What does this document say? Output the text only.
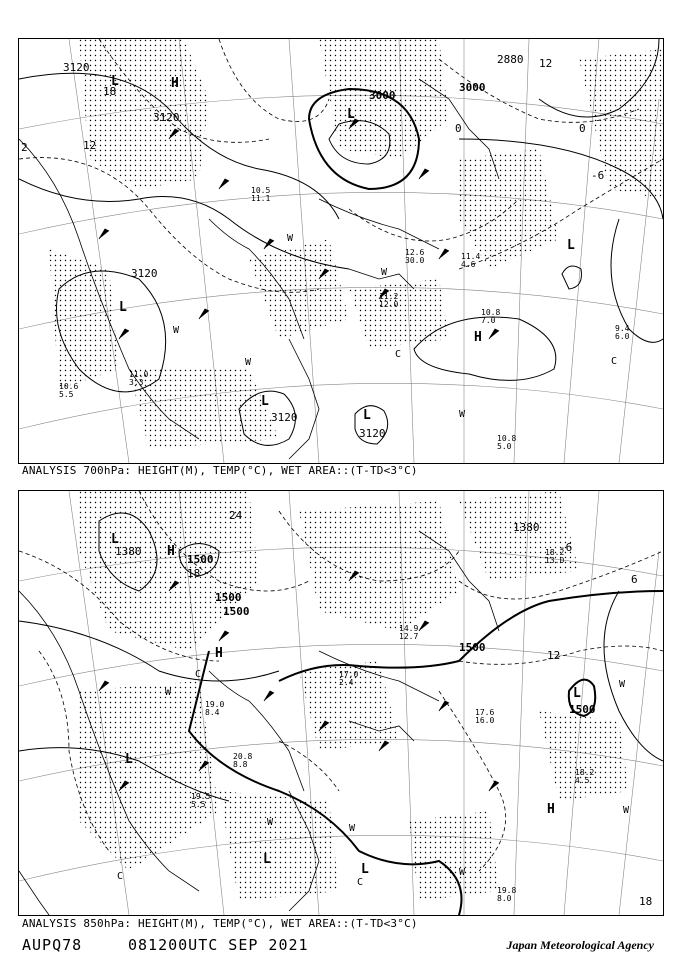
3120
3120
3120
3120
3120
3000
3000
2880
0	0
-6
12
12
18
2
L
L
L
L
L
L
H
H
W
W
W
W
W
C
C
10.5
11.1
11.2
12.0
10.8
7.0
9.4
6.0
10.8
5.0
11.0
3.3
10.6
5.5
12.6
30.0	11.4
4.6
ANALYSIS 700hPa: HEIGHT(M), TEMP(°C), WET AREA::(T-TD<3°C)
1380
1380
1500
1500
1500
1500
1500
24
12
6
18
18
-6
L
L
L
L
L
H
H
H
W
W
W
W
W
C
C
C
W
19.8
8.0
18.2
4.5
19.5
5.5
17.0
2.4
19.0
8.4
20.8
8.8
14.9
12.7
18.2
13.0
17.6
16.0
ANALYSIS 850hPa: HEIGHT(M), TEMP(°C), WET AREA::(T-TD<3°C)
AUPQ78	081200UTC SEP 2021	Japan Meteorological Agency
